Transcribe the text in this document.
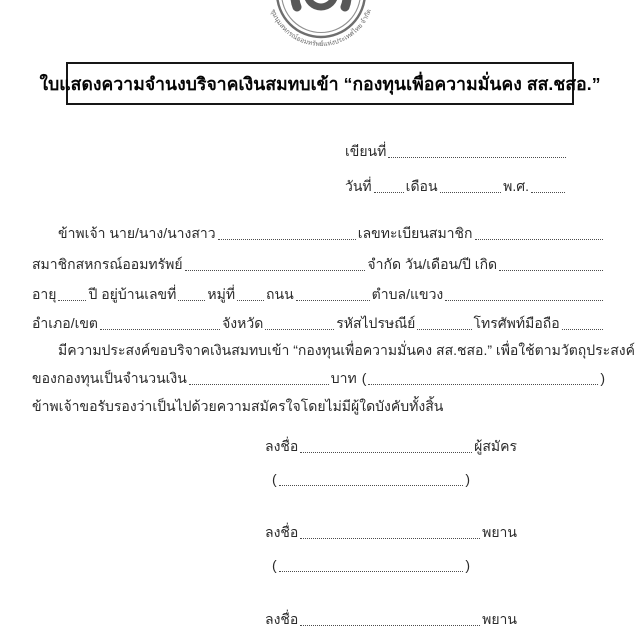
ชุมนุมสหกรณ์ออมทรัพย์แห่งประเทศไทย จำกัด
ใบแสดงความจำนงบริจาคเงินสมทบเข้า “กองทุนเพื่อความมั่นคง สส.ชสอ.”
เขียนที่
วันที่ เดือน	พ.ศ.
ข้าพเจ้า นาย/นาง/นางสาว	เลขทะเบียนสมาชิก
สมาชิกสหกรณ์ออมทรัพย์	จำกัด วัน/เดือน/ปี เกิด
อายุ ปี อยู่บ้านเลขที่ หมู่ที่ ถนน	ตำบล/แขวง
อำเภอ/เขต	จังหวัด	รหัสไปรษณีย์	โทรศัพท์มือถือ
มีความประสงค์ขอบริจาคเงินสมทบเข้า “กองทุนเพื่อความมั่นคง สส.ชสอ.” เพื่อใช้ตามวัตถุประสงค์
ของกองทุนเป็นจำนวนเงิน	บาท (	)
ข้าพเจ้าขอรับรองว่าเป็นไปด้วยความสมัครใจโดยไม่มีผู้ใดบังคับทั้งสิ้น
ลงชื่อ	ผู้สมัคร
(	)
ลงชื่อ	พยาน
(	)
ลงชื่อ	พยาน
